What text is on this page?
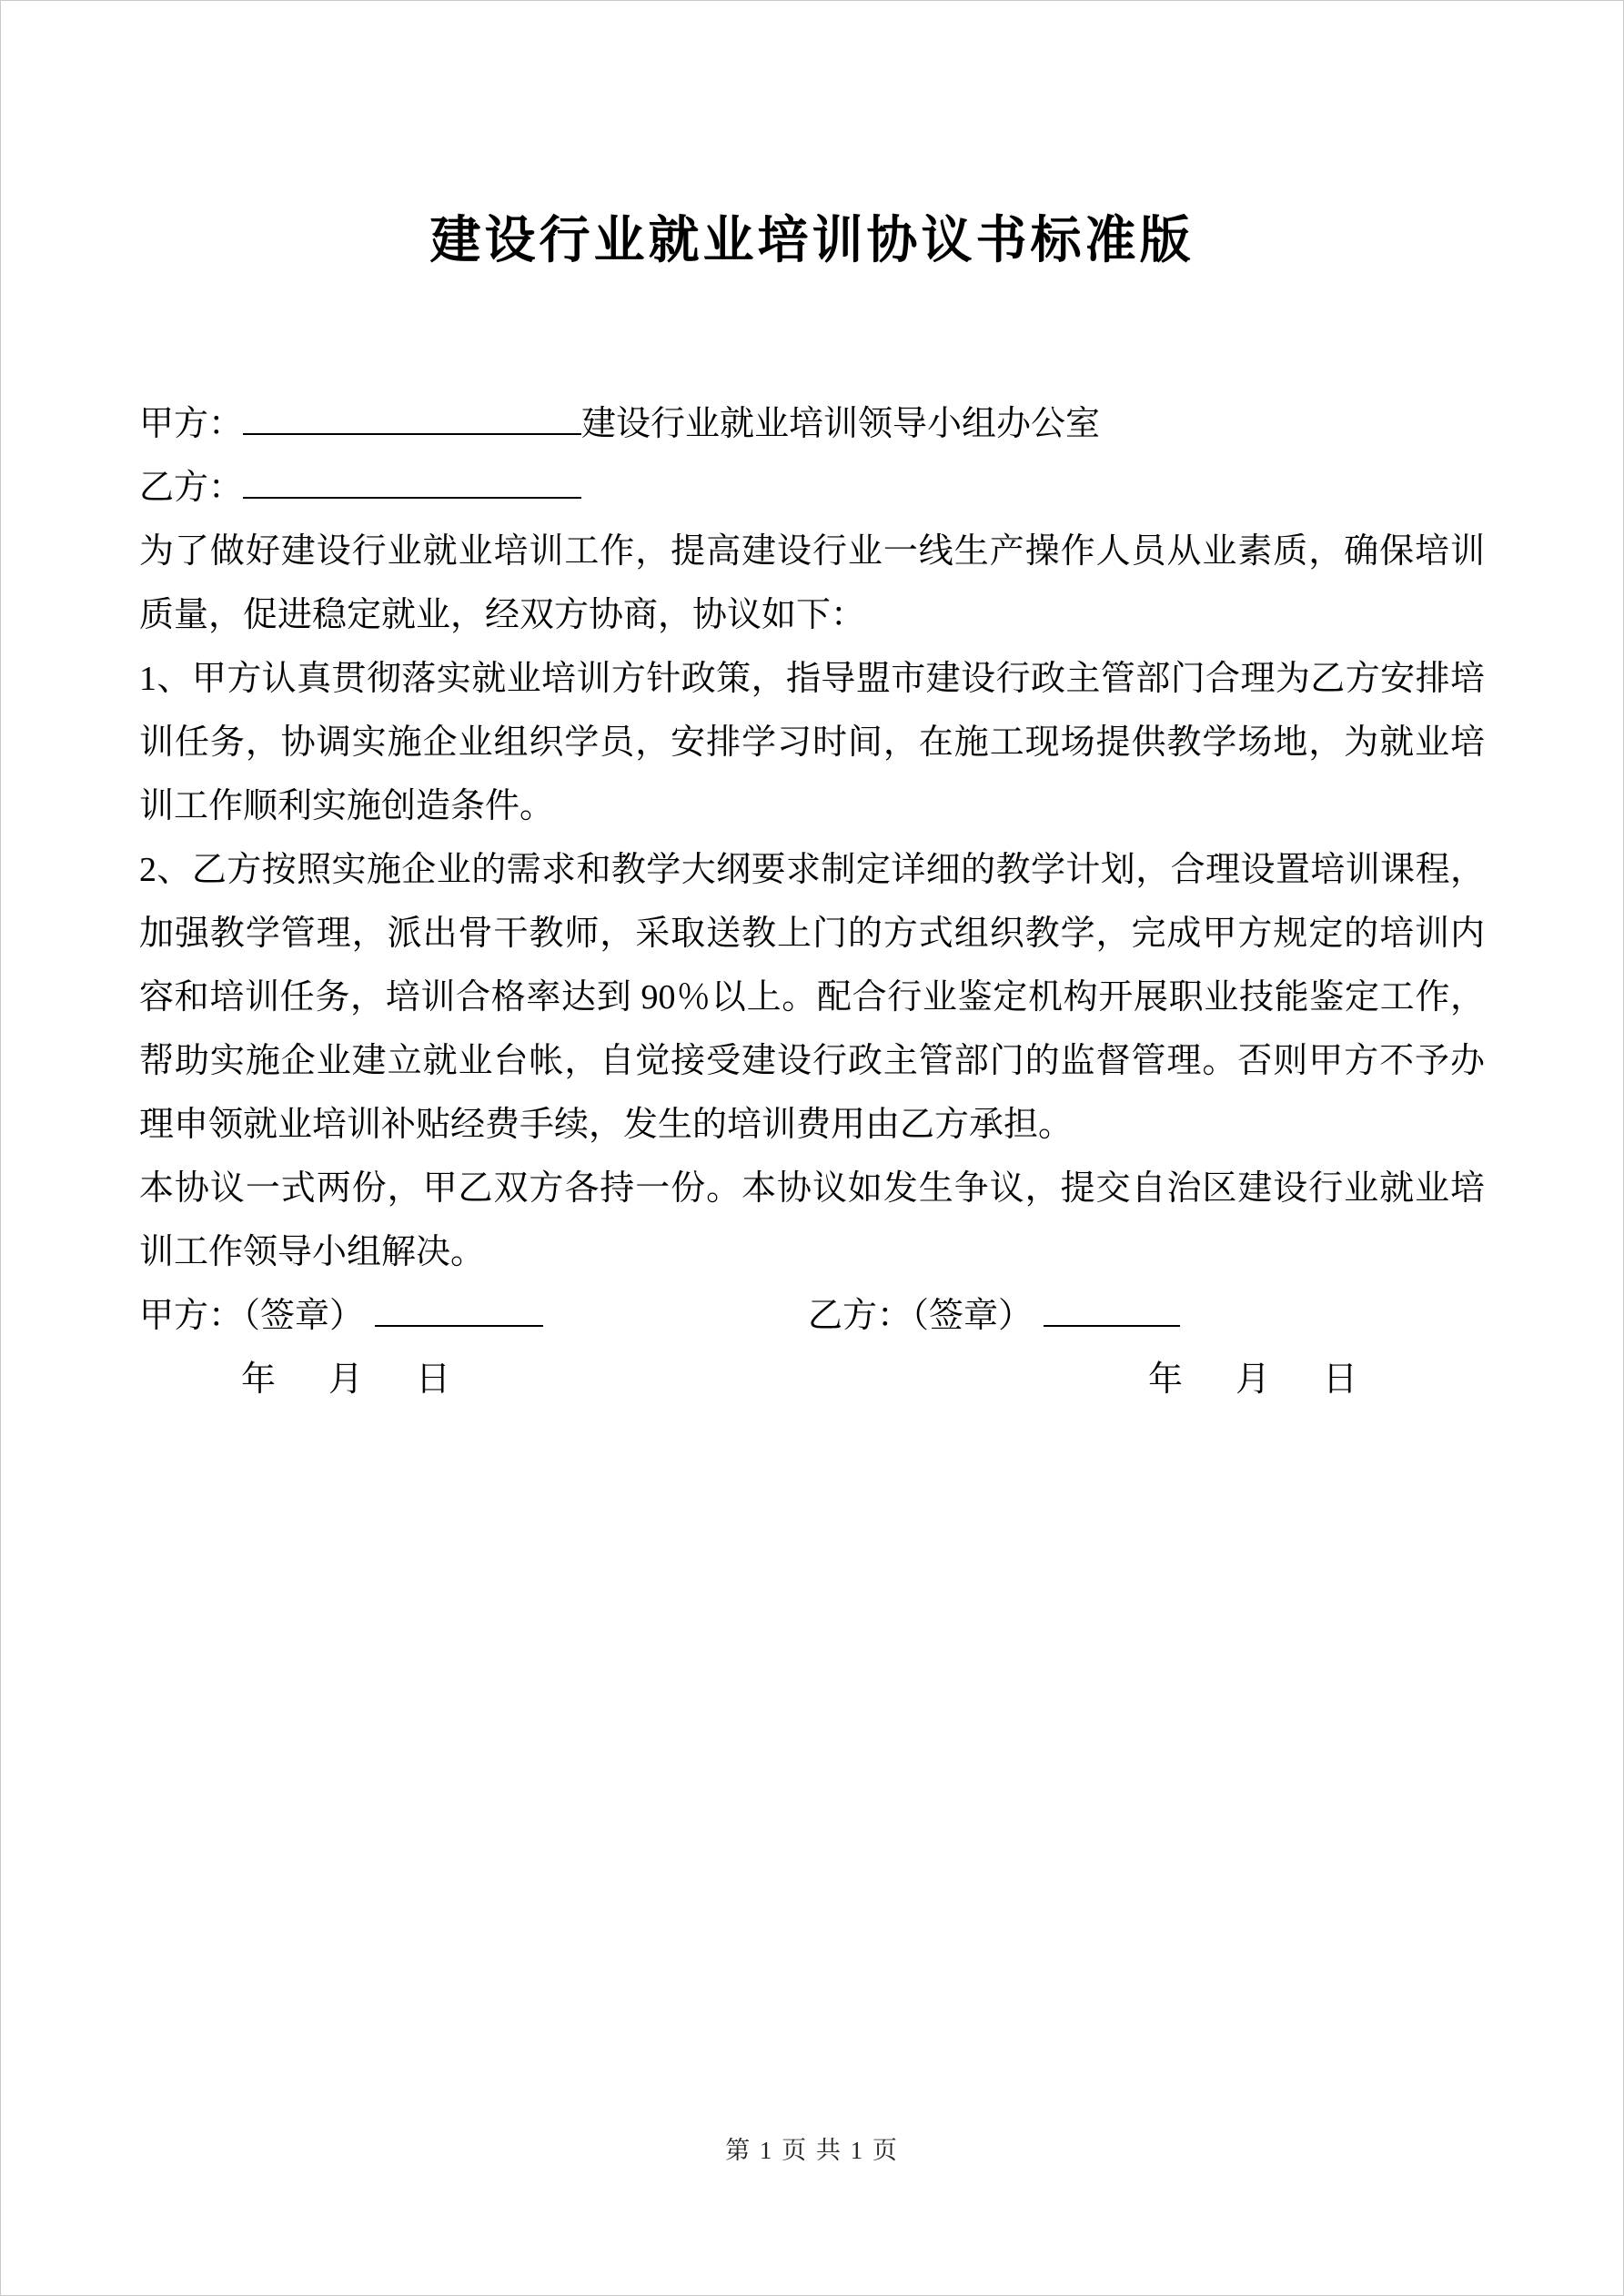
建设行业就业培训协议书标准版
甲方：	建设行业就业培训领导小组办公室
乙方：

为了做好建设行业就业培训工作，提高建设行业一线生产操作人员从业素质，确保培训质量，促进稳定就业，经双方协商，协议如下：

1、甲方认真贯彻落实就业培训方针政策，指导盟市建设行政主管部门合理为乙方安排培训任务，协调实施企业组织学员，安排学习时间，在施工现场提供教学场地，为就业培训工作顺利实施创造条件。

2、乙方按照实施企业的需求和教学大纲要求制定详细的教学计划，合理设置培训课程，加强教学管理，派出骨干教师，采取送教上门的方式组织教学，完成甲方规定的培训内容和培训任务，培训合格率达到 90％以上。配合行业鉴定机构开展职业技能鉴定工作，帮助实施企业建立就业台帐，自觉接受建设行政主管部门的监督管理。否则甲方不予办理申领就业培训补贴经费手续，发生的培训费用由乙方承担。

本协议一式两份，甲乙双方各持一份。本协议如发生争议，提交自治区建设行业就业培训工作领导小组解决。

甲方：（签章）	乙方：（签章）
年 月 日	年 月 日
第 1 页 共 1 页
